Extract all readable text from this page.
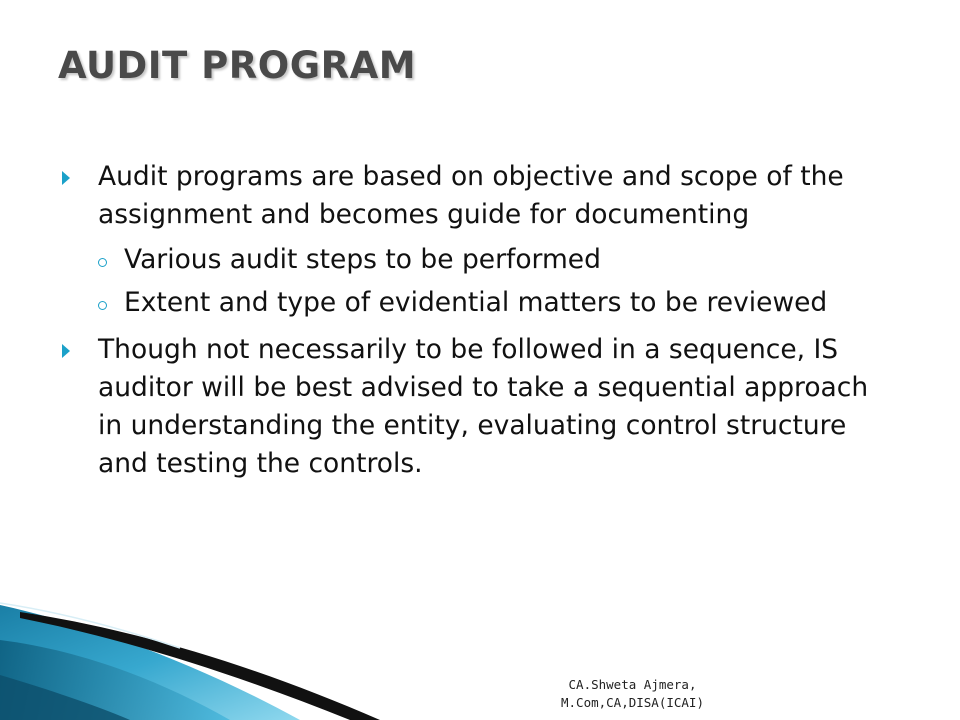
AUDIT PROGRAM
Audit programs are based on objective and scope of the assignment and becomes guide for documenting
Various audit steps to be performed
Extent and type of evidential matters to be reviewed
Though not necessarily to be followed in a sequence, IS auditor will be best advised to take a sequential approach in understanding the entity, evaluating control structure and testing the controls.
CA.Shweta Ajmera,
M.Com,CA,DISA(ICAI)
